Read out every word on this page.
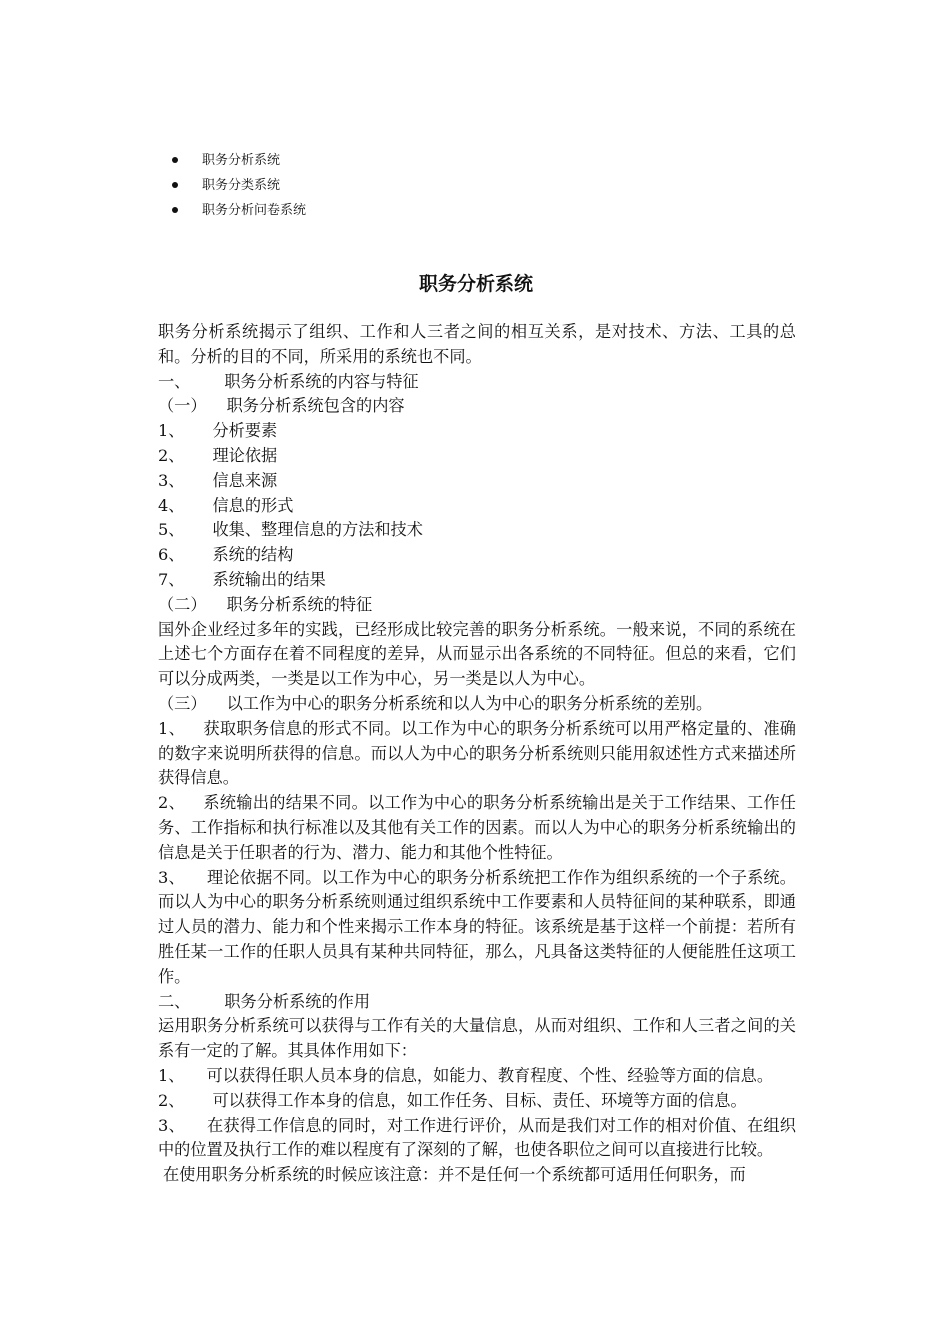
职务分析系统
职务分类系统
职务分析问卷系统
职务分析系统

职务分析系统揭示了组织、工作和人三者之间的相互关系，是对技术、方法、工具的总和。分析的目的不同，所采用的系统也不同。

一、 职务分析系统的内容与特征

（一） 职务分析系统包含的内容

1、 分析要素

2、 理论依据

3、 信息来源

4、 信息的形式

5、 收集、整理信息的方法和技术

6、 系统的结构

7、 系统输出的结果

（二） 职务分析系统的特征

国外企业经过多年的实践，已经形成比较完善的职务分析系统。一般来说，不同的系统在上述七个方面存在着不同程度的差异，从而显示出各系统的不同特征。但总的来看，它们可以分成两类，一类是以工作为中心，另一类是以人为中心。

（三） 以工作为中心的职务分析系统和以人为中心的职务分析系统的差别。

1、 获取职务信息的形式不同。以工作为中心的职务分析系统可以用严格定量的、准确的数字来说明所获得的信息。而以人为中心的职务分析系统则只能用叙述性方式来描述所获得信息。

2、 系统输出的结果不同。以工作为中心的职务分析系统输出是关于工作结果、工作任务、工作指标和执行标准以及其他有关工作的因素。而以人为中心的职务分析系统输出的信息是关于任职者的行为、潜力、能力和其他个性特征。

3、 理论依据不同。以工作为中心的职务分析系统把工作作为组织系统的一个子系统。而以人为中心的职务分析系统则通过组织系统中工作要素和人员特征间的某种联系，即通过人员的潜力、能力和个性来揭示工作本身的特征。该系统是基于这样一个前提：若所有胜任某一工作的任职人员具有某种共同特征，那么，凡具备这类特征的人便能胜任这项工作。

二、 职务分析系统的作用

运用职务分析系统可以获得与工作有关的大量信息，从而对组织、工作和人三者之间的关系有一定的了解。其具体作用如下：

1、 可以获得任职人员本身的信息，如能力、教育程度、个性、经验等方面的信息。

2、 可以获得工作本身的信息，如工作任务、目标、责任、环境等方面的信息。

3、 在获得工作信息的同时，对工作进行评价，从而是我们对工作的相对价值、在组织中的位置及执行工作的难以程度有了深刻的了解，也使各职位之间可以直接进行比较。

在使用职务分析系统的时候应该注意：并不是任何一个系统都可适用任何职务，而
